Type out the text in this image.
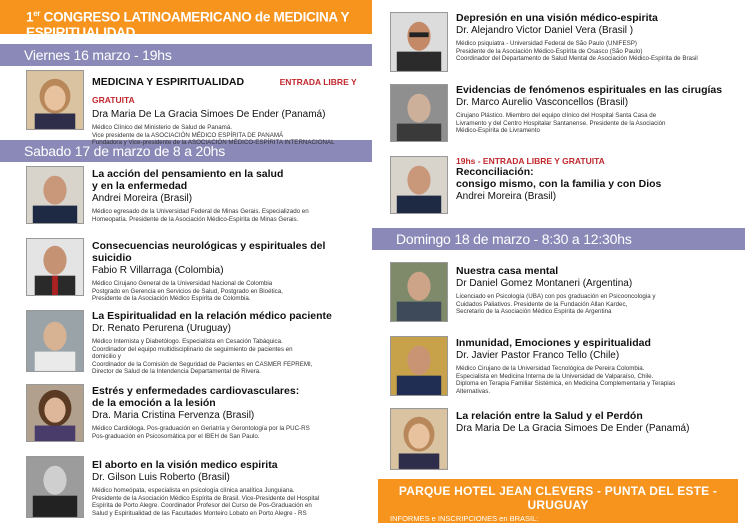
1er CONGRESO LATINOAMERICANO de MEDICINA Y ESPIRITUALIDAD
Viernes 16 marzo - 19hs
Sabado 17 de marzo de 8 a 20hs
Domingo 18 de marzo - 8:30 a 12:30hs
MEDICINA Y ESPIRITUALIDAD	ENTRADA LIBRE Y GRATUITA
Dra Maria De La Gracia Simoes De Ender (Panamá)
Médico Clínico del Ministerio de Salud de Panamá.
Vice presidente de la ASOCIACIÓN MÉDICO ESPÍRITA DE PANAMÁ
Fundadora y Vice-presidente de la ASOCIACIÓN MÉDICO-ESPÍRITA INTERNACIONAL
La acción del pensamiento en la salud
y en la enfermedad
Andrei Moreira (Brasil)
Médico egresado de la Universidad Federal de Minas Gerais. Especializado en
Homeopatía. Presidente de la Asociación Médico-Espírita de Minas Gerais.
Consecuencias neurológicas y espirituales del suicidio
Fabio R Villarraga (Colombia)
Médico Cirujano General de la Universidad Nacional de Colombia
Postgrado en Gerencia en Servicios de Salud, Postgrado en Bioética,
Presidente de la Asociación Médico Espírita de Colombia.
La Espiritualidad en la relación médico paciente
Dr. Renato Perurena (Uruguay)
Médico Internista y Diabetólogo. Especialista en Cesación Tabáquica.
Coordinador del equipo multidisciplinario de seguimiento de pacientes en
domicilio y
Coordinador de la Comisión de Seguridad de Pacientes en CASMER FEPREMI,
Director de Salud de la Intendencia Departamental de Rivera.
Estrés y enfermedades cardiovasculares:
de la emoción a la lesión
Dra. Maria Cristina Fervenza (Brasil)
Médico Cardióloga. Pos-graduación en Geriatría y Gerontología por la PUC-RS
Pos-graduación en Psicosomática por el IBEH de San Paulo.
El aborto en la visión medico espirita
Dr. Gilson Luis Roberto (Brasil)
Médico homeópata, especialista en psicología clínica analítica Junguiana.
Presidente de la Asociación Médico Espírita de Brasil. Vice-Presidente del Hospital
Espírita de Porto Alegre. Coordinador Profesor del Curso de Pos-Graduación en
Salud y Espiritualidad de las Facultades Monteiro Lobato en Porto Alegre - RS
Depresión en una visión médico-espirita
Dr. Alejandro Victor Daniel Vera (Brasil )
Médico psiquiatra - Universidad Federal de São Paulo (UNIFESP)
Presidente de la Asociación Médico-Espírita de Osasco (São Paulo)
Coordinador del Departamento de Salud Mental de Asociación Médico-Espírita de Brasil
Evidencias de fenómenos espirituales en las cirugías
Dr. Marco Aurelio Vasconcellos (Brasil)
Cirujano Plástico. Miembro del equipo clínico del Hospital Santa Casa de
Livramento y del Centro Hospitalar Santanense. Presidente de la Asociación
Médico-Espírita de Livramento
19hs - ENTRADA LIBRE Y GRATUITA
Reconciliación:
consigo mismo, con la familia y con Dios
Andrei Moreira (Brasil)
Nuestra casa mental
Dr Daniel Gomez Montaneri (Argentina)
Licenciado en Psicología (UBA) con pos graduación en Psicooncologia y
Cuidados Paliativos. Presidente de la Fundación Allan Kardec,
Secretario de la Asociación Médico Espírita de Argentina
Inmunidad, Emociones y espiritualidad
Dr. Javier Pastor Franco Tello (Chile)
Médico Cirujano de la Universidad Tecnológica de Pereira Colombia.
Especialista en Medicina Interna de la Universidad de Valparaíso, Chile.
Diploma en Terapia Familiar Sistémica, en Medicina Complementaria y Terapias
Alternativas.
La relación entre la Salud y el Perdón
Dra Maria De La Gracia Simoes De Ender (Panamá)
PARQUE HOTEL JEAN CLEVERS - PUNTA DEL ESTE - URUGUAY
INFORMES e INSCRIPCIONES en BRASIL:
tel. (55)32411476 - (55)981356768 - facebook @ AME-Livramento - valor R$130
